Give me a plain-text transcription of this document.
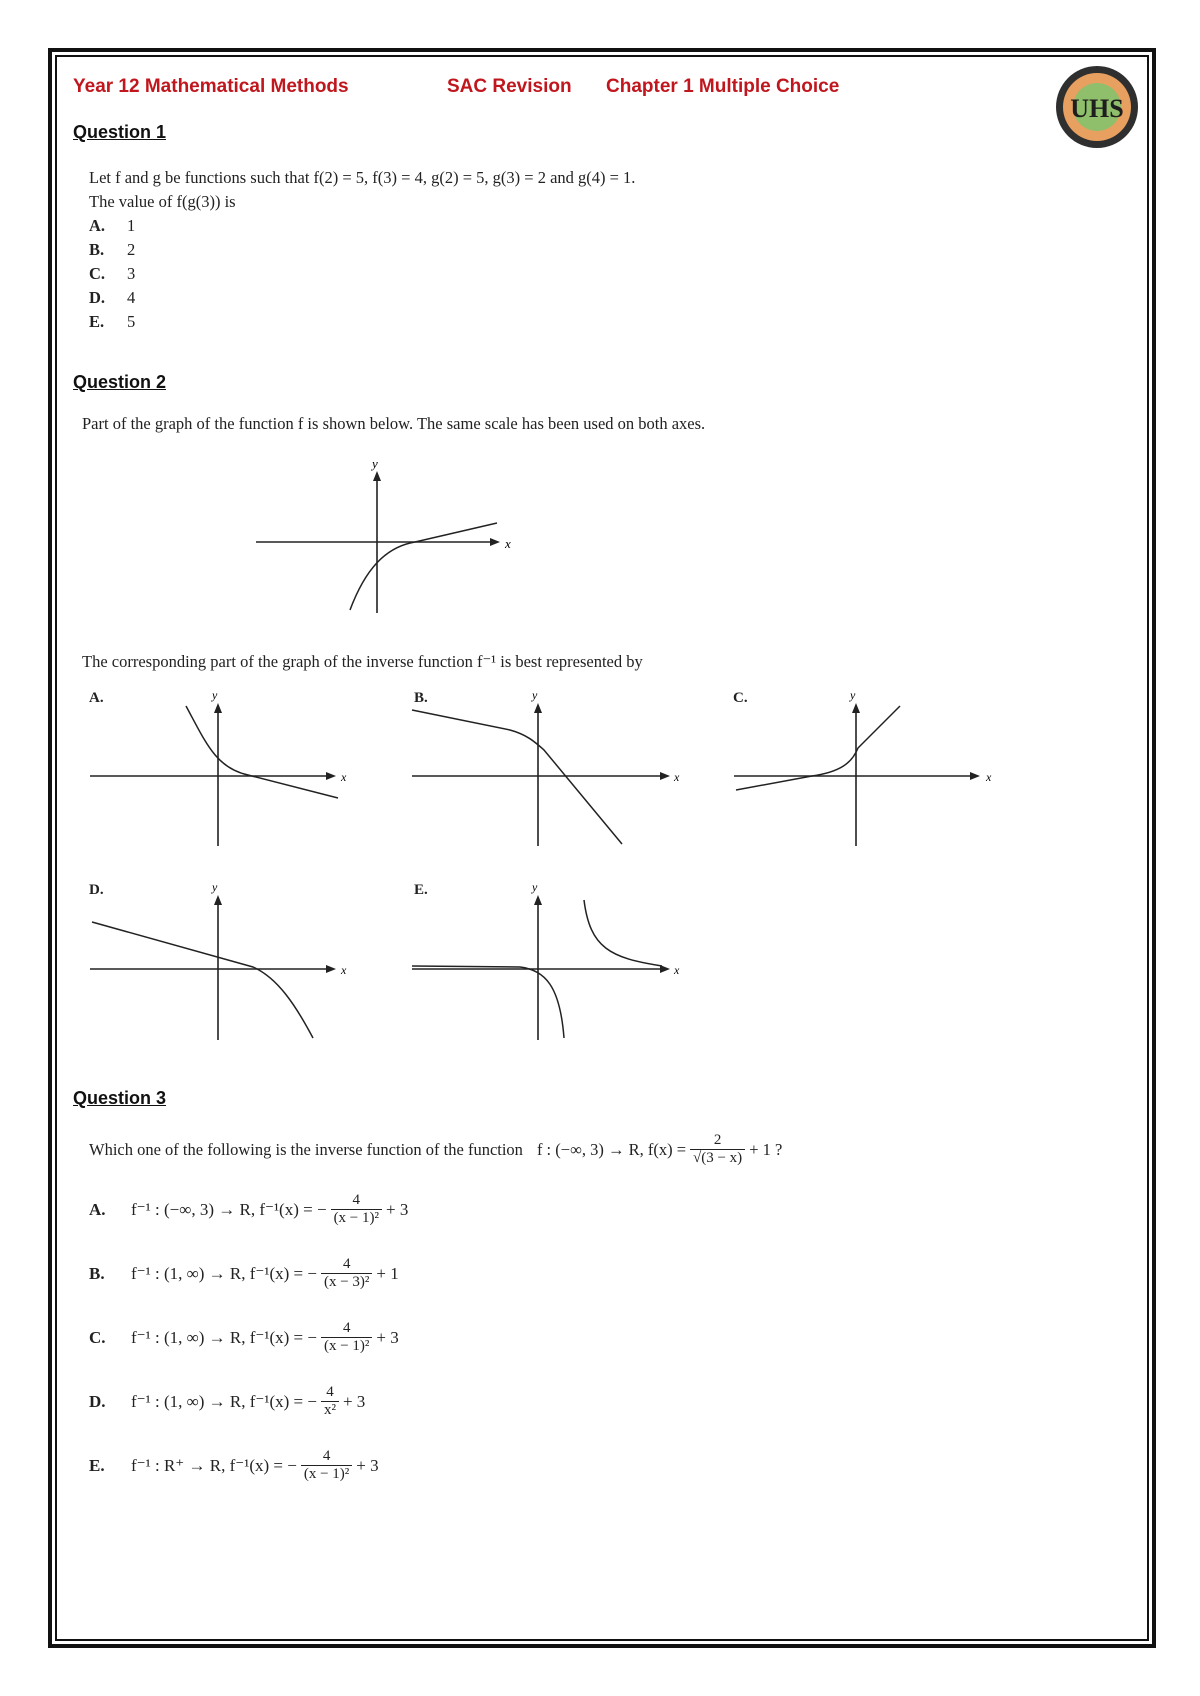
Year 12 Mathematical Methods	SAC Revision Chapter 1 Multiple Choice
UHS
Question 1
Let f and g be functions such that f(2) = 5, f(3) = 4, g(2) = 5, g(3) = 2 and g(4) = 1.
The value of f(g(3)) is
A. 1
B. 2
C. 3
D. 4
E. 5
Question 2
Part of the graph of the function f is shown below. The same scale has been used on both axes.
x
y
The corresponding part of the graph of the inverse function f⁻¹ is best represented by
A.
x
y	B.
x
y	C.
x
y
D.
x
y	E.
x
y
Question 3
Which one of the following is the inverse function of the function f : (−∞, 3) → R, $f(x) = \frac{2}{√(3 - x)} + 1$ ?
A.	f⁻¹ : (−∞, 3) → R, f⁻¹(x) = − $\frac{4}{\text{(x − 1)²}} + 3$
B.	f⁻¹ : (1, ∞) → R, f⁻¹(x) = − $\frac{4}{\text{(x − 3)²}} + 1$
C.	f⁻¹ : (1, ∞) → R, f⁻¹(x) = − $\frac{4}{\text{(x − 1)²}} + 3$
D.	f⁻¹ : (1, ∞) → R, f⁻¹(x) = − $\frac{4}{\text{x²}} + 3$
E.	f⁻¹ : R⁺ → R, f⁻¹(x) = − $\frac{4}{\text{(x − 1)²}} + 3$
